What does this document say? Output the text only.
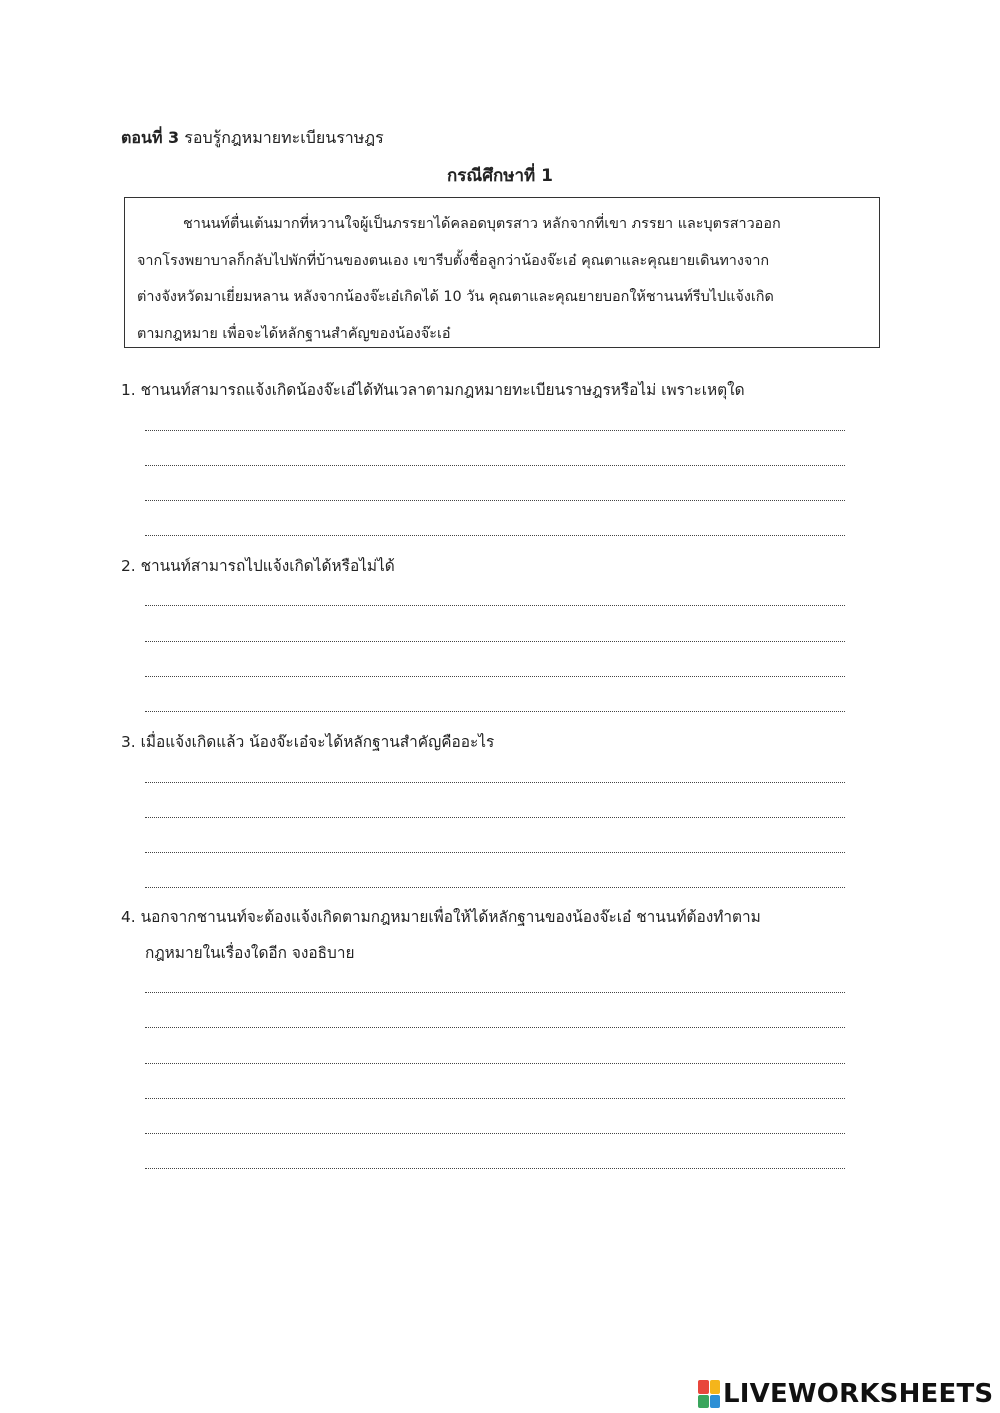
ตอนที่ 3 รอบรู้กฎหมายทะเบียนราษฎร
กรณีศึกษาที่ 1
ชานนท์ตื่นเต้นมากที่หวานใจผู้เป็นภรรยาได้คลอดบุตรสาว หลักจากที่เขา ภรรยา และบุตรสาวออก
จากโรงพยาบาลก็กลับไปพักที่บ้านของตนเอง เขารีบตั้งชื่อลูกว่าน้องจ๊ะเอ๋ คุณตาและคุณยายเดินทางจาก
ต่างจังหวัดมาเยี่ยมหลาน หลังจากน้องจ๊ะเอ๋เกิดได้ 10 วัน คุณตาและคุณยายบอกให้ชานนท์รีบไปแจ้งเกิด
ตามกฎหมาย เพื่อจะได้หลักฐานสำคัญของน้องจ๊ะเอ๋
1. ชานนท์สามารถแจ้งเกิดน้องจ๊ะเอ๋ได้ทันเวลาตามกฎหมายทะเบียนราษฎรหรือไม่ เพราะเหตุใด
2. ชานนท์สามารถไปแจ้งเกิดได้หรือไม่ได้
3. เมื่อแจ้งเกิดแล้ว น้องจ๊ะเอ๋จะได้หลักฐานสำคัญคืออะไร
4. นอกจากชานนท์จะต้องแจ้งเกิดตามกฎหมายเพื่อให้ได้หลักฐานของน้องจ๊ะเอ๋ ชานนท์ต้องทำตาม
กฎหมายในเรื่องใดอีก จงอธิบาย
LIVEWORKSHEETS
